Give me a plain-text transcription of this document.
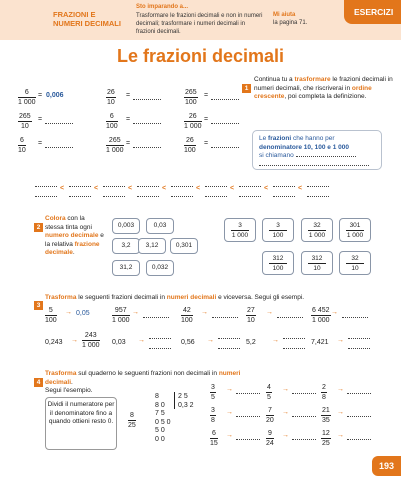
FRAZIONI E NUMERI DECIMALI
Sto imparando a...
Trasformare le frazioni decimali e non in numeri decimali; trasformare i numeri decimali in frazioni decimali.
Mi aiuta
la pagina 71.
ESERCIZI
Le frazioni decimali
1
Continua tu a trasformare le frazioni decimali in numeri decimali, che riscriverai in ordine crescente, poi completa la definizione.
$\frac{6}{1 000} = 0,006$	$\frac{26}{10}$ =	$\frac{265}{100}$ =
$\frac{265}{10}$ =	$\frac{6}{100}$ =	$\frac{26}{1 000}$ =
$\frac{6}{10}$ =	$\frac{265}{1 000}$ =	$\frac{26}{100}$ =
Le frazioni che hanno per
denominatore 10, 100 e 1 000
si chiamano
<	<	<	<	<	<	<	<
2
Colora con la stessa tinta ogni numero decimale e la relativa frazione decimale.
0,003	0,03
3,2	3,12	0,301
31,2	0,032
3
1 000
3
100
32
1 000
301
1 000
312
100
312
10
32
10
3
Trasforma le seguenti frazioni decimali in numeri decimali e viceversa. Segui gli esempi.
$\frac{5}{100} \to 0,05$	$\frac{957}{1 000}$ →	$\frac{42}{100}$ →	$\frac{27}{10}$ →	$\frac{6 452}{1 000}$ →
$0,243 \to \frac{243}{1 000} 0,03$ →	0,56 →	5,2 →	7,421 →
4
Trasforma sul quaderno le seguenti frazioni non decimali in numeri decimali.
Segui l'esempio.
Dividi il numeratore per il denominatore fino a quando ottieni resto 0.	$\frac{8}{25}$
8	2 5
8 0 0,3 2
7 5
0 5 0
5 0
0 0
$\frac{3}{5}$ →	$\frac{4}{5}$ →	$\frac{2}{8}$ →
$\frac{3}{8}$ →	$\frac{7}{20}$ →	$\frac{21}{35}$ →
$\frac{6}{15}$ →	$\frac{9}{24}$ →	$\frac{12}{25}$ →
193
